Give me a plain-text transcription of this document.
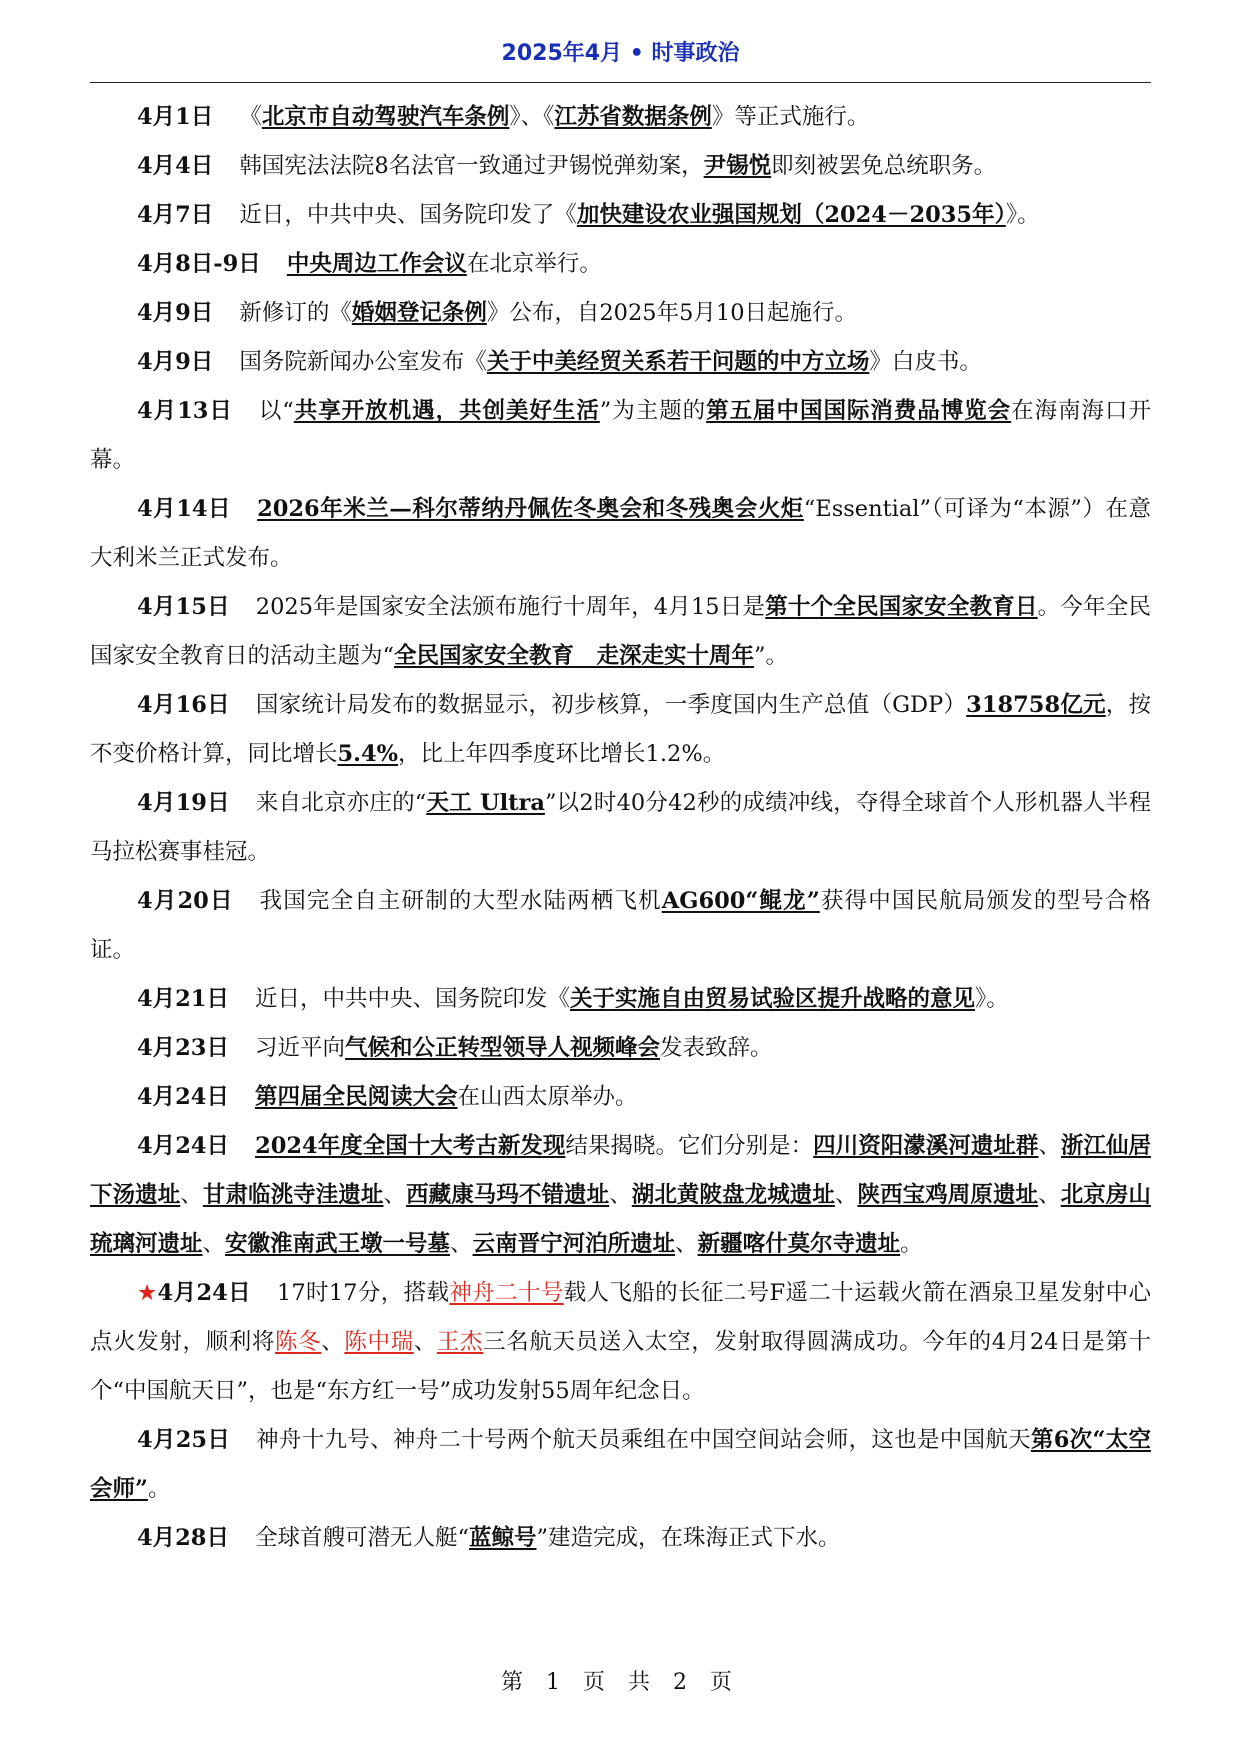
2025年4月 • 时事政治

4月1日 《北京市自动驾驶汽车条例》、《江苏省数据条例》等正式施行。

4月4日 韩国宪法法院8名法官一致通过尹锡悦弹劾案，尹锡悦即刻被罢免总统职务。

4月7日 近日，中共中央、国务院印发了《加快建设农业强国规划（2024－2035年）》。

4月8日-9日 中央周边工作会议在北京举行。

4月9日 新修订的《婚姻登记条例》公布，自2025年5月10日起施行。

4月9日 国务院新闻办公室发布《关于中美经贸关系若干问题的中方立场》白皮书。

4月13日 以“共享开放机遇，共创美好生活”为主题的第五届中国国际消费品博览会在海南海口开幕。

4月14日 2026年米兰—科尔蒂纳丹佩佐冬奥会和冬残奥会火炬“Essential”（可译为“本源”）在意大利米兰正式发布。

4月15日 2025年是国家安全法颁布施行十周年，4月15日是第十个全民国家安全教育日。今年全民国家安全教育日的活动主题为“全民国家安全教育　走深走实十周年”。

4月16日 国家统计局发布的数据显示，初步核算，一季度国内生产总值（GDP）318758亿元，按不变价格计算，同比增长5.4%，比上年四季度环比增长1.2%。

4月19日 来自北京亦庄的“天工 Ultra”以2时40分42秒的成绩冲线，夺得全球首个人形机器人半程马拉松赛事桂冠。

4月20日 我国完全自主研制的大型水陆两栖飞机AG600“鲲龙”获得中国民航局颁发的型号合格证。

4月21日 近日，中共中央、国务院印发《关于实施自由贸易试验区提升战略的意见》。

4月23日 习近平向气候和公正转型领导人视频峰会发表致辞。

4月24日 第四届全民阅读大会在山西太原举办。

4月24日 2024年度全国十大考古新发现结果揭晓。它们分别是：四川资阳濛溪河遗址群、浙江仙居下汤遗址、甘肃临洮寺洼遗址、西藏康马玛不错遗址、湖北黄陂盘龙城遗址、陕西宝鸡周原遗址、北京房山琉璃河遗址、安徽淮南武王墩一号墓、云南晋宁河泊所遗址、新疆喀什莫尔寺遗址。

★4月24日 17时17分，搭载神舟二十号载人飞船的长征二号F遥二十运载火箭在酒泉卫星发射中心点火发射，顺利将陈冬、陈中瑞、王杰三名航天员送入太空，发射取得圆满成功。今年的4月24日是第十个“中国航天日”，也是“东方红一号”成功发射55周年纪念日。

4月25日 神舟十九号、神舟二十号两个航天员乘组在中国空间站会师，这也是中国航天第6次“太空会师”。

4月28日 全球首艘可潜无人艇“蓝鲸号”建造完成，在珠海正式下水。

第 1 页 共 2 页
